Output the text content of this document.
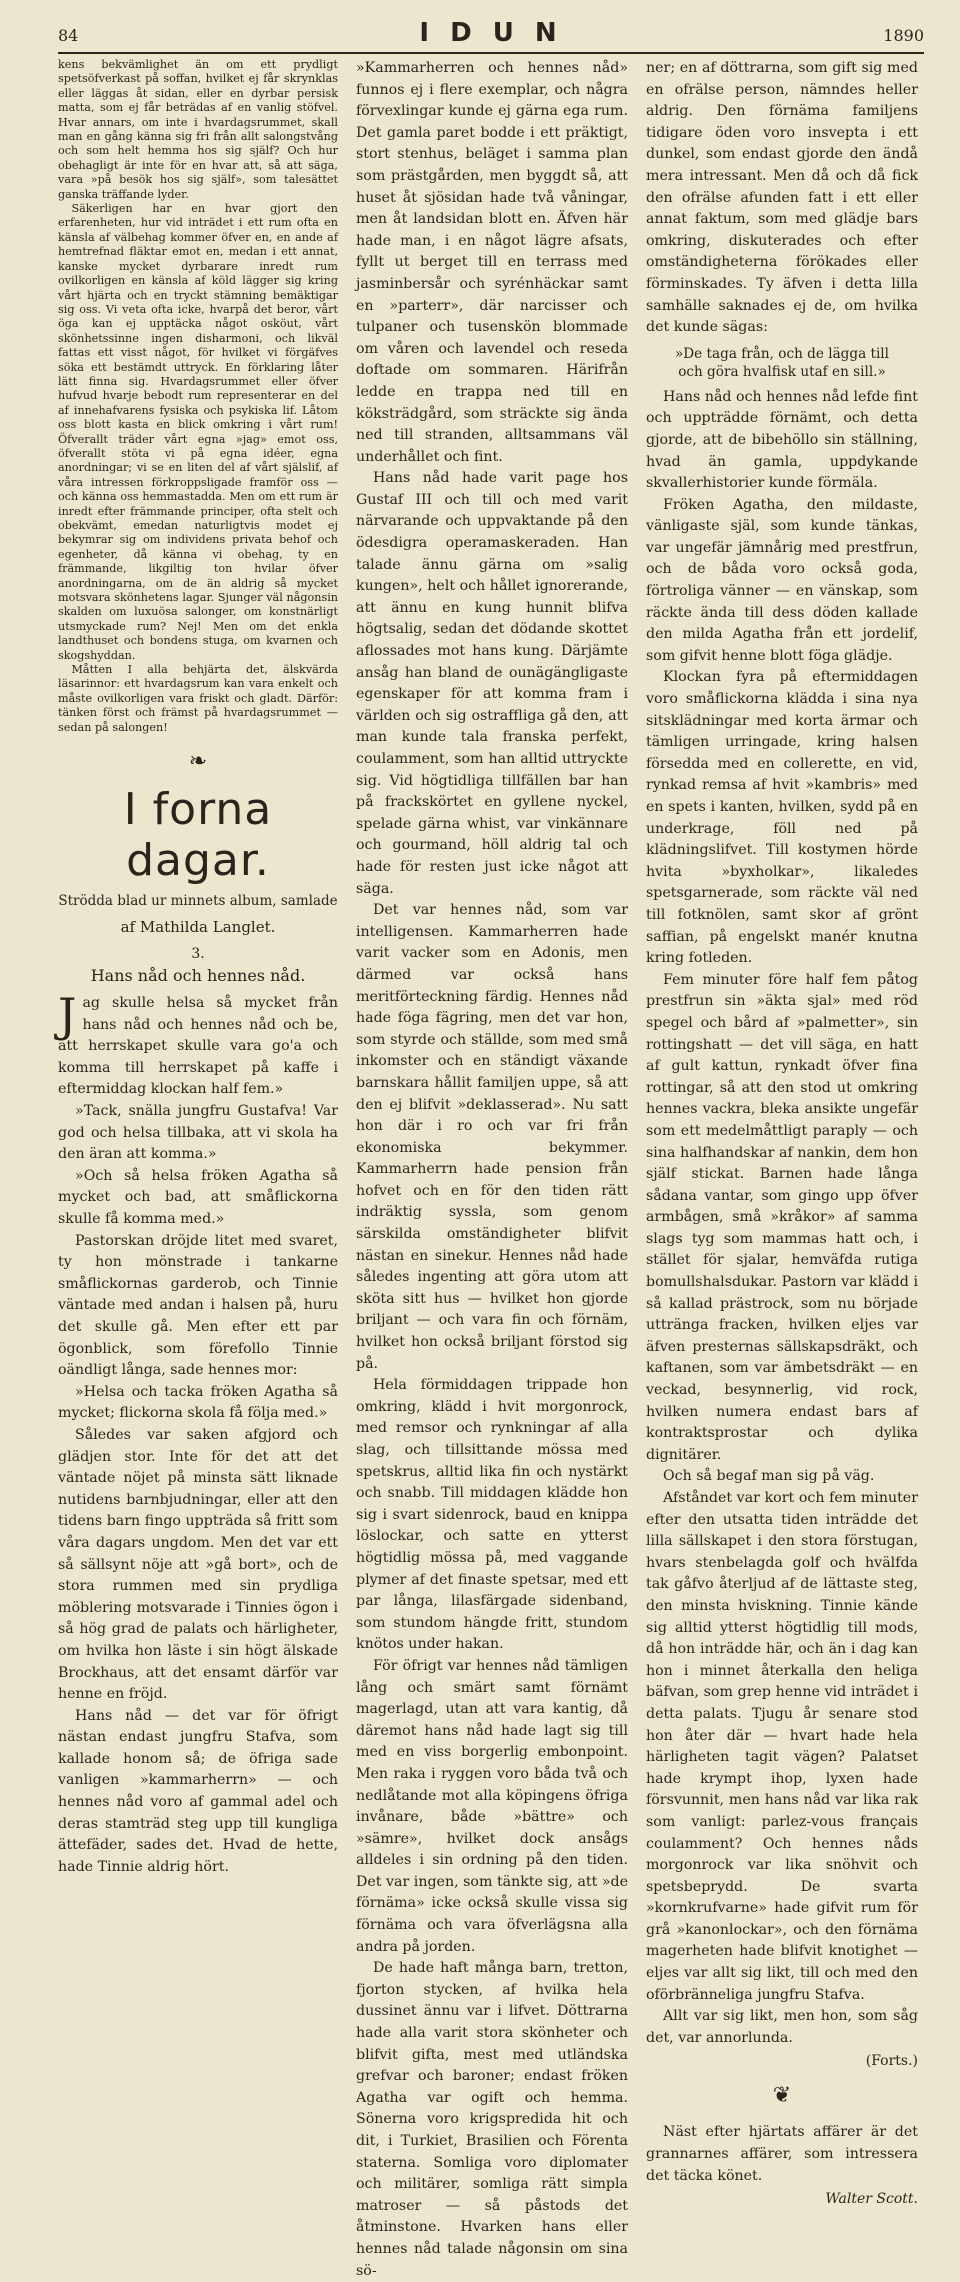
84	I D U N	1890

kens bekvämlighet än om ett prydligt spetsöfverkast på soffan, hvilket ej får skrynklas eller läggas åt sidan, eller en dyrbar persisk matta, som ej får beträdas af en vanlig stöfvel. Hvar annars, om inte i hvardagsrummet, skall man en gång känna sig fri från allt salongstvång och som helt hemma hos sig själf? Och hur obehagligt är inte för en hvar att, så att säga, vara »på besök hos sig själf», som talesättet ganska träffande lyder.

Säkerligen har en hvar gjort den erfarenheten, hur vid inträdet i ett rum ofta en känsla af välbehag kommer öfver en, en ande af hemtrefnad fläktar emot en, medan i ett annat, kanske mycket dyrbarare inredt rum ovilkorligen en känsla af köld lägger sig kring vårt hjärta och en tryckt stämning bemäktigar sig oss. Vi veta ofta icke, hvarpå det beror, vårt öga kan ej upptäcka något osköut, vårt skönhetssinne ingen disharmoni, och likväl fattas ett visst något, för hvilket vi förgäfves söka ett bestämdt uttryck. En förklaring låter lätt finna sig. Hvardagsrummet eller öfver hufvud hvarje bebodt rum representerar en del af innehafvarens fysiska och psykiska lif. Låtom oss blott kasta en blick omkring i vårt rum! Öfverallt träder vårt egna »jag» emot oss, öfverallt stöta vi på egna idéer, egna anordningar; vi se en liten del af vårt själslif, af våra intressen förkroppsligade framför oss — och känna oss hemmastadda. Men om ett rum är inredt efter främmande principer, ofta stelt och obekvämt, emedan naturligtvis modet ej bekymrar sig om individens privata behof och egenheter, då känna vi obehag, ty en främmande, likgiltig ton hvilar öfver anordningarna, om de än aldrig så mycket motsvara skönhetens lagar. Sjunger väl någonsin skalden om luxuösa salonger, om konstnärligt utsmyckade rum? Nej! Men om det enkla landthuset och bondens stuga, om kvarnen och skogshyddan.

Måtten I alla behjärta det, älskvärda läsarinnor: ett hvardagsrum kan vara enkelt och måste ovilkorligen vara friskt och gladt. Därför: tänken först och främst på hvardagsrummet — sedan på salongen!

❧
I forna dagar.
Strödda blad ur minnets album, samlade
af Mathilda Langlet.
3.
Hans nåd och hennes nåd.

Jag skulle helsa så mycket från hans nåd och hennes nåd och be, att herrskapet skulle vara go'a och komma till herrskapet på kaffe i eftermiddag klockan half fem.»

»Tack, snälla jungfru Gustafva! Var god och helsa tillbaka, att vi skola ha den äran att komma.»

»Och så helsa fröken Agatha så mycket och bad, att småflickorna skulle få komma med.»

Pastorskan dröjde litet med svaret, ty hon mönstrade i tankarne småflickornas garderob, och Tinnie väntade med andan i halsen på, huru det skulle gå. Men efter ett par ögonblick, som förefollo Tinnie oändligt långa, sade hennes mor:

»Helsa och tacka fröken Agatha så mycket; flickorna skola få följa med.»

Således var saken afgjord och glädjen stor. Inte för det att det väntade nöjet på minsta sätt liknade nutidens barnbjudningar, eller att den tidens barn fingo uppträda så fritt som våra dagars ungdom. Men det var ett så sällsynt nöje att »gå bort», och de stora rummen med sin prydliga möblering motsvarade i Tinnies ögon i så hög grad de palats och härligheter, om hvilka hon läste i sin högt älskade Brockhaus, att det ensamt därför var henne en fröjd.

Hans nåd — det var för öfrigt nästan endast jungfru Stafva, som kallade honom så; de öfriga sade vanligen »kammarherrn» — och hennes nåd voro af gammal adel och deras stamträd steg upp till kungliga ättefäder, sades det. Hvad de hette, hade Tinnie aldrig hört.

»Kammarherren och hennes nåd» funnos ej i flere exemplar, och några förvexlingar kunde ej gärna ega rum. Det gamla paret bodde i ett präktigt, stort stenhus, beläget i samma plan som prästgården, men byggdt så, att huset åt sjösidan hade två våningar, men åt landsidan blott en. Äfven här hade man, i en något lägre afsats, fyllt ut berget till en terrass med jasminbersår och syrénhäckar samt en »parterr», där narcisser och tulpaner och tusenskön blommade om våren och lavendel och reseda doftade om sommaren. Härifrån ledde en trappa ned till en köksträdgård, som sträckte sig ända ned till stranden, alltsammans väl underhållet och fint.

Hans nåd hade varit page hos Gustaf III och till och med varit närvarande och uppvaktande på den ödesdigra operamaskeraden. Han talade ännu gärna om »salig kungen», helt och hållet ignorerande, att ännu en kung hunnit blifva högtsalig, sedan det dödande skottet aflossades mot hans kung. Därjämte ansåg han bland de ounägängligaste egenskaper för att komma fram i världen och sig ostraffliga gå den, att man kunde tala franska perfekt, coulamment, som han alltid uttryckte sig. Vid högtidliga tillfällen bar han på frackskörtet en gyllene nyckel, spelade gärna whist, var vinkännare och gourmand, höll aldrig tal och hade för resten just icke något att säga.

Det var hennes nåd, som var intelligensen. Kammarherren hade varit vacker som en Adonis, men därmed var också hans meritförteckning färdig. Hennes nåd hade föga fägring, men det var hon, som styrde och ställde, som med små inkomster och en ständigt växande barnskara hållit familjen uppe, så att den ej blifvit »deklasserad». Nu satt hon där i ro och var fri från ekonomiska bekymmer. Kammarherrn hade pension från hofvet och en för den tiden rätt indräktig syssla, som genom särskilda omständigheter blifvit nästan en sinekur. Hennes nåd hade således ingenting att göra utom att sköta sitt hus — hvilket hon gjorde briljant — och vara fin och förnäm, hvilket hon också briljant förstod sig på.

Hela förmiddagen trippade hon omkring, klädd i hvit morgonrock, med remsor och rynkningar af alla slag, och tillsittande mössa med spetskrus, alltid lika fin och nystärkt och snabb. Till middagen klädde hon sig i svart sidenrock, baud en knippa löslockar, och satte en ytterst högtidlig mössa på, med vaggande plymer af det finaste spetsar, med ett par långa, lilasfärgade sidenband, som stundom hängde fritt, stundom knötos under hakan.

För öfrigt var hennes nåd tämligen lång och smärt samt förnämt magerlagd, utan att vara kantig, då däremot hans nåd hade lagt sig till med en viss borgerlig embonpoint. Men raka i ryggen voro båda två och nedlåtande mot alla köpingens öfriga invånare, både »bättre» och »sämre», hvilket dock ansågs alldeles i sin ordning på den tiden. Det var ingen, som tänkte sig, att »de förnäma» icke också skulle vissa sig förnäma och vara öfverlägsna alla andra på jorden.

De hade haft många barn, tretton, fjorton stycken, af hvilka hela dussinet ännu var i lifvet. Döttrarna hade alla varit stora skönheter och blifvit gifta, mest med utländska grefvar och baroner; endast fröken Agatha var ogift och hemma. Sönerna voro krigspredida hit och dit, i Turkiet, Brasilien och Förenta staterna. Somliga voro diplomater och militärer, somliga rätt simpla matroser — så påstods det åtminstone. Hvarken hans eller hennes nåd talade någonsin om sina sö-

ner; en af döttrarna, som gift sig med en ofrälse person, nämndes heller aldrig. Den förnäma familjens tidigare öden voro insvepta i ett dunkel, som endast gjorde den ändå mera intressant. Men då och då fick den ofrälse afunden fatt i ett eller annat faktum, som med glädje bars omkring, diskuterades och efter omständigheterna förökades eller förminskades. Ty äfven i detta lilla samhälle saknades ej de, om hvilka det kunde sägas:

»De taga från, och de lägga till
och göra hvalfisk utaf en sill.»

Hans nåd och hennes nåd lefde fint och uppträdde förnämt, och detta gjorde, att de bibehöllo sin ställning, hvad än gamla, uppdykande skvallerhistorier kunde förmäla.

Fröken Agatha, den mildaste, vänligaste själ, som kunde tänkas, var ungefär jämnårig med prestfrun, och de båda voro också goda, förtroliga vänner — en vänskap, som räckte ända till dess döden kallade den milda Agatha från ett jordelif, som gifvit henne blott föga glädje.

Klockan fyra på eftermiddagen voro småflickorna klädda i sina nya sitsklädningar med korta ärmar och tämligen urringade, kring halsen försedda med en collerette, en vid, rynkad remsa af hvit »kambris» med en spets i kanten, hvilken, sydd på en underkrage, föll ned på klädningslifvet. Till kostymen hörde hvita »byxholkar», likaledes spetsgarnerade, som räckte väl ned till fotknölen, samt skor af grönt saffian, på engelskt manér knutna kring fotleden.

Fem minuter före half fem påtog prestfrun sin »äkta sjal» med röd spegel och bård af »palmetter», sin rottingshatt — det vill säga, en hatt af gult kattun, rynkadt öfver fina rottingar, så att den stod ut omkring hennes vackra, bleka ansikte ungefär som ett medelmåttligt paraply — och sina halfhandskar af nankin, dem hon själf stickat. Barnen hade långa sådana vantar, som gingo upp öfver armbågen, små »kråkor» af samma slags tyg som mammas hatt och, i stället för sjalar, hemväfda rutiga bomullshalsdukar. Pastorn var klädd i så kallad prästrock, som nu började uttränga fracken, hvilken eljes var äfven presternas sällskapsdräkt, och kaftanen, som var ämbetsdräkt — en veckad, besynnerlig, vid rock, hvilken numera endast bars af kontraktsprostar och dylika dignitärer.

Och så begaf man sig på väg.

Afståndet var kort och fem minuter efter den utsatta tiden inträdde det lilla sällskapet i den stora förstugan, hvars stenbelagda golf och hvälfda tak gåfvo återljud af de lättaste steg, den minsta hviskning. Tinnie kände sig alltid ytterst högtidlig till mods, då hon inträdde här, och än i dag kan hon i minnet återkalla den heliga bäfvan, som grep henne vid inträdet i detta palats. Tjugu år senare stod hon åter där — hvart hade hela härligheten tagit vägen? Palatset hade krympt ihop, lyxen hade försvunnit, men hans nåd var lika rak som vanligt: parlez-vous français coulamment? Och hennes nåds morgonrock var lika snöhvit och spetsbeprydd. De svarta »kornkrufvarne» hade gifvit rum för grå »kanonlockar», och den förnäma magerheten hade blifvit knotighet — eljes var allt sig likt, till och med den oförbränneliga jungfru Stafva.

Allt var sig likt, men hon, som såg det, var annorlunda.

(Forts.)
❦

Näst efter hjärtats affärer är det grannarnes affärer, som intressera det täcka könet.

Walter Scott.
